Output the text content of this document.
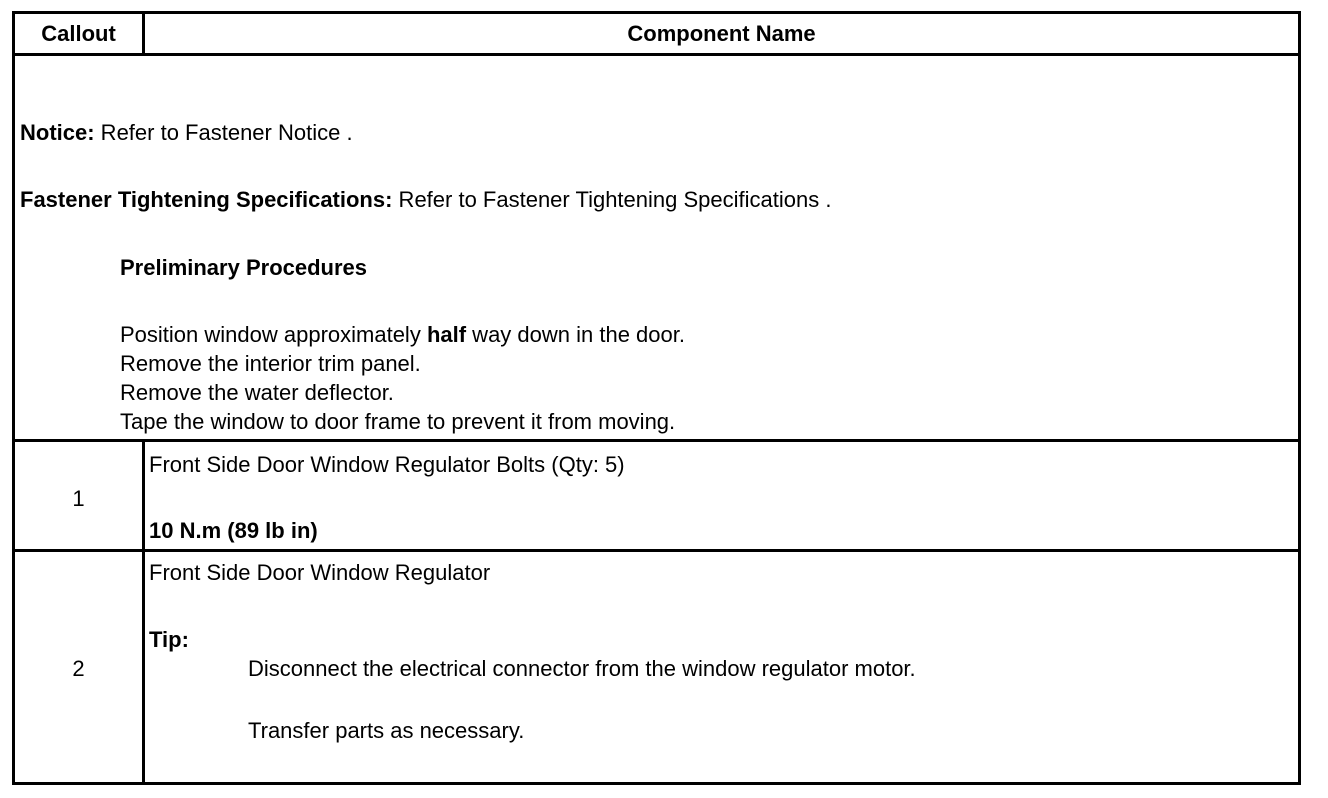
Callout	Component Name
Notice: Refer to Fastener Notice .
Fastener Tightening Specifications: Refer to Fastener Tightening Specifications .
Preliminary Procedures
Position window approximately half way down in the door.
Remove the interior trim panel.
Remove the water deflector.
Tape the window to door frame to prevent it from moving.
1
Front Side Door Window Regulator Bolts (Qty: 5)
10 N.m (89 lb in)
2
Front Side Door Window Regulator
Tip:
Disconnect the electrical connector from the window regulator motor.
Transfer parts as necessary.
